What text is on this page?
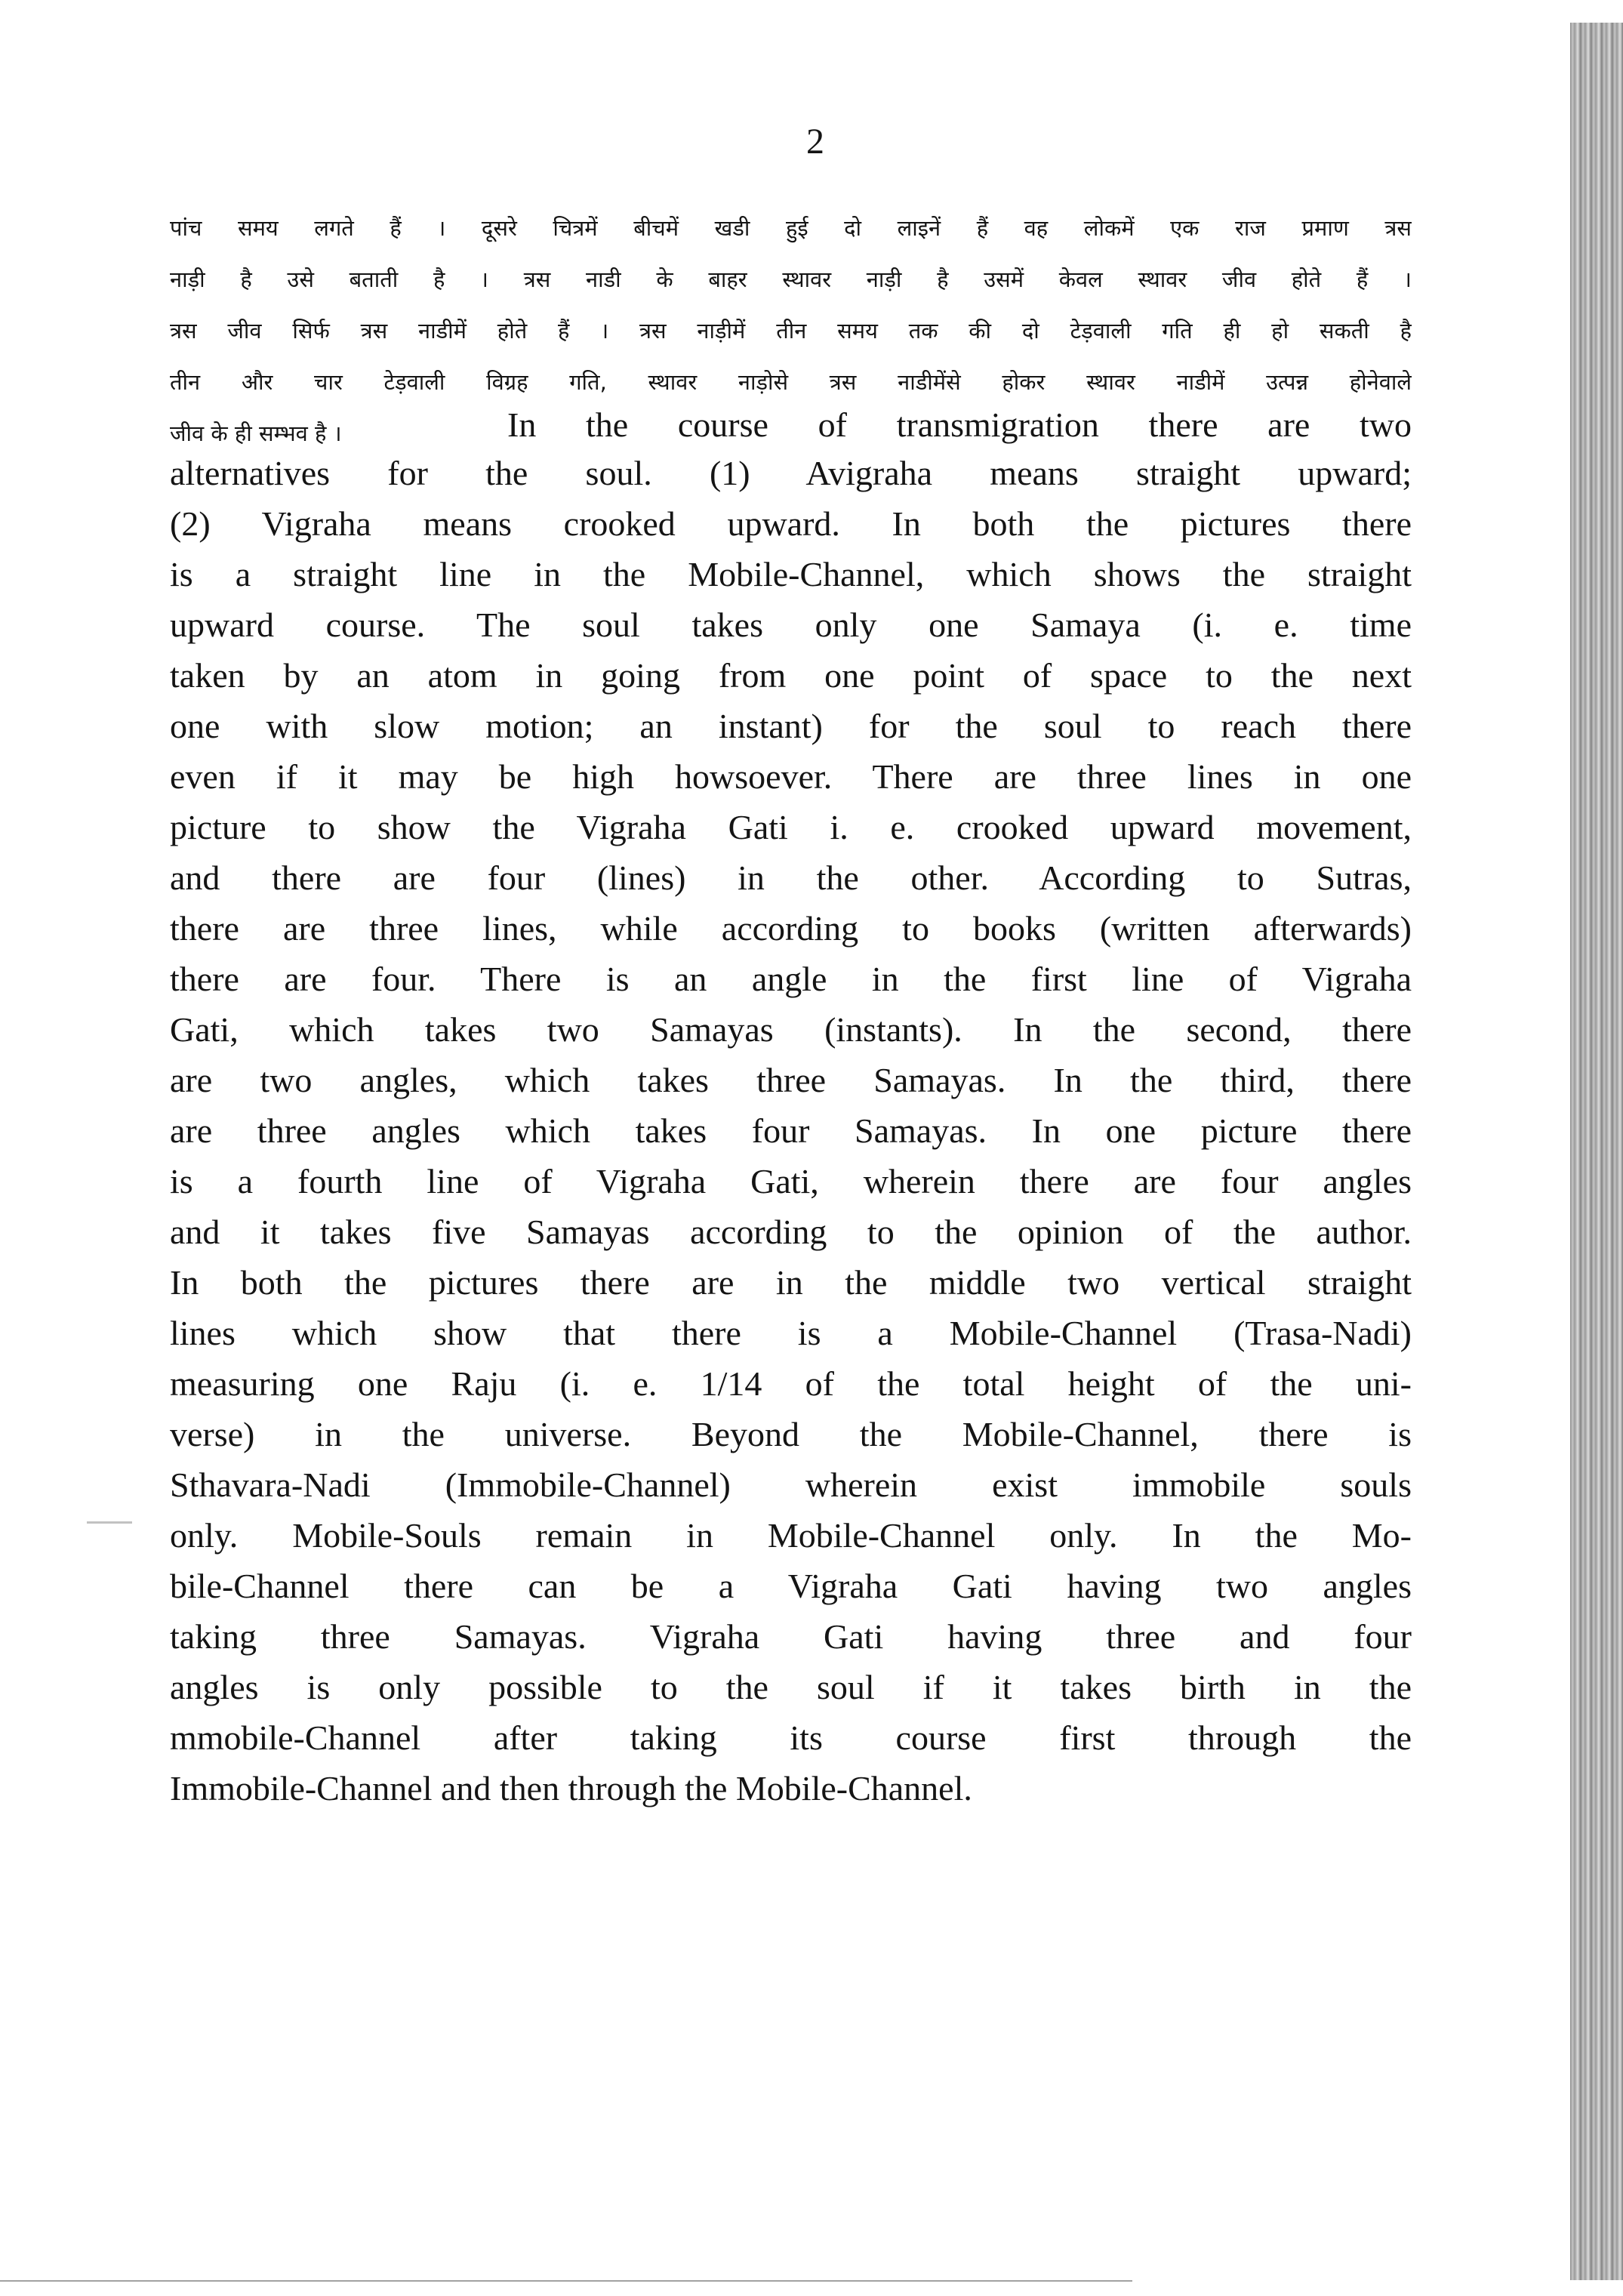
2
पांच समय लगते हैं । दूसरे चित्रमें बीचमें खडी हुई दो लाइनें हैं वह लोकमें एक राज प्रमाण त्रस
नाड़ी है उसे बताती है । त्रस नाडी के बाहर स्थावर नाड़ी है उसमें केवल स्थावर जीव होते हैं ।
त्रस जीव सिर्फ त्रस नाडीमें होते हैं । त्रस नाड़ीमें तीन समय तक की दो टेड़वाली गति ही हो सकती है
तीन और चार टेड़वाली विग्रह गति, स्थावर नाड़ोसे त्रस नाडीमेंसे होकर स्थावर नाडीमें उत्पन्न होनेवाले
जीव के ही सम्भव है ।	In the course of transmigration there are two
alternatives for the soul. (1) Avigraha means straight upward;
(2) Vigraha means crooked upward. In both the pictures there
is a straight line in the Mobile-Channel, which shows the straight
upward course. The soul takes only one Samaya (i. e. time
taken by an atom in going from one point of space to the next
one with slow motion; an instant) for the soul to reach there
even if it may be high howsoever. There are three lines in one
picture to show the Vigraha Gati i. e. crooked upward movement,
and there are four (lines) in the other. According to Sutras,
there are three lines, while according to books (written afterwards)
there are four. There is an angle in the first line of Vigraha
Gati, which takes two Samayas (instants). In the second, there
are two angles, which takes three Samayas. In the third, there
are three angles which takes four Samayas. In one picture there
is a fourth line of Vigraha Gati, wherein there are four angles
and it takes five Samayas according to the opinion of the author.
In both the pictures there are in the middle two vertical straight
lines which show that there is a Mobile-Channel (Trasa-Nadi)
measuring one Raju (i. e. 1/14 of the total height of the uni-
verse) in the universe. Beyond the Mobile-Channel, there is
Sthavara-Nadi (Immobile-Channel) wherein exist immobile souls
only. Mobile-Souls remain in Mobile-Channel only. In the Mo-
bile-Channel there can be a Vigraha Gati having two angles
taking three Samayas. Vigraha Gati having three and four
angles is only possible to the soul if it takes birth in the
mmobile-Channel after taking its course first through the
Immobile-Channel and then through the Mobile-Channel.
